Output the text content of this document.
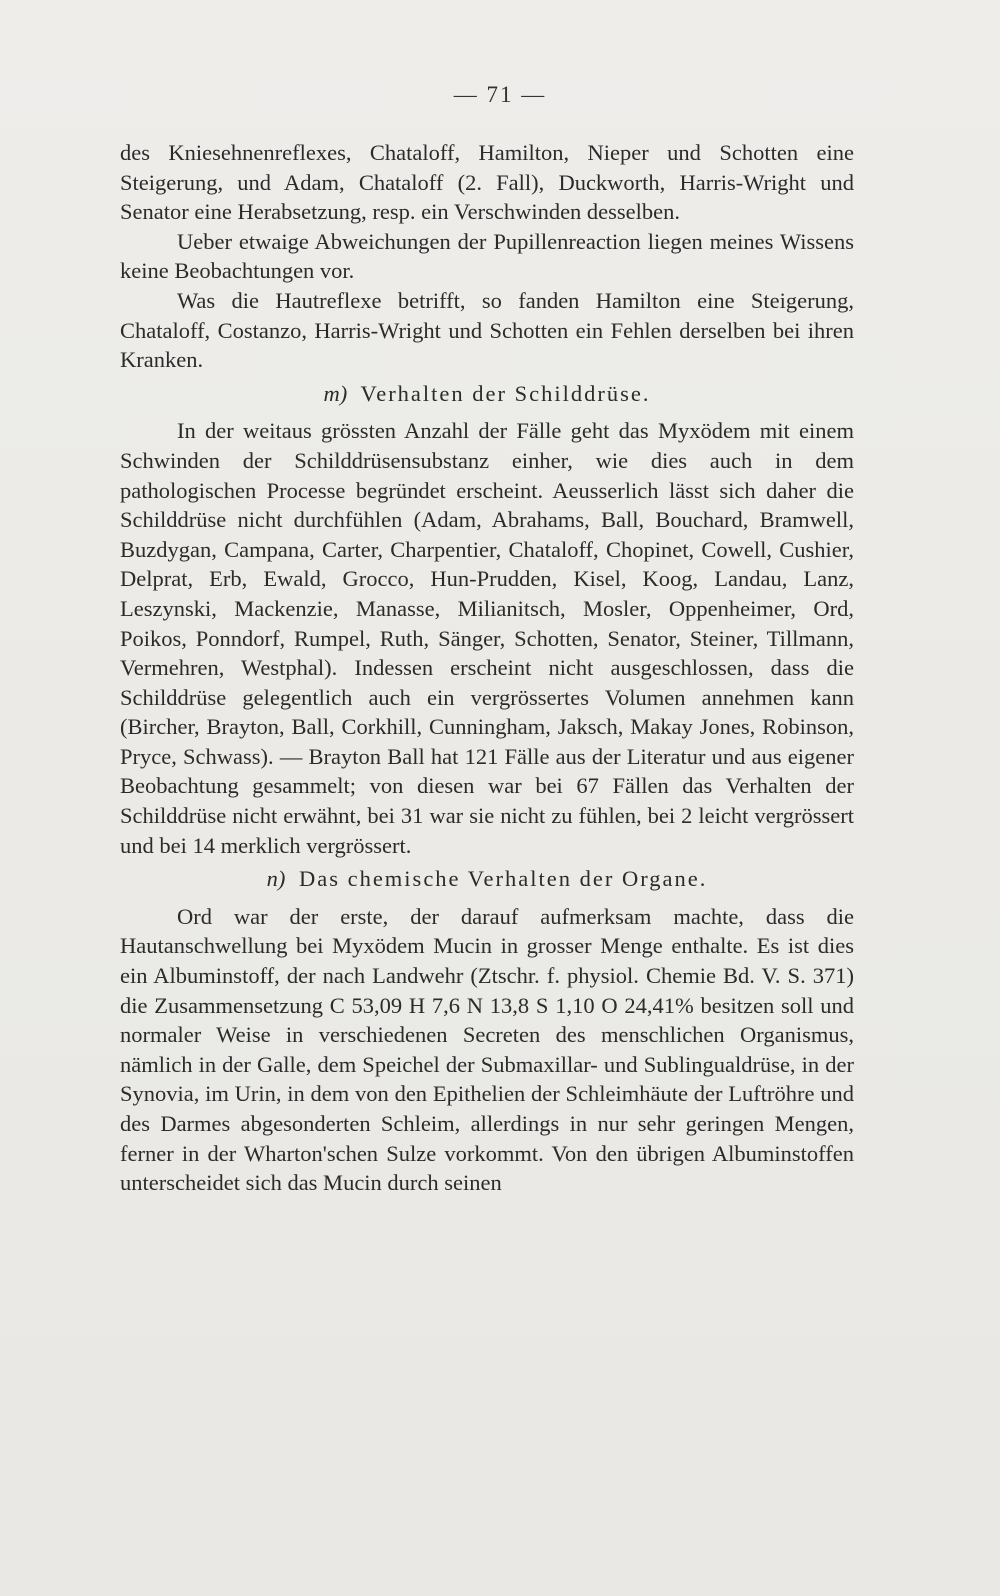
— 71 —

des Kniesehnenreflexes, Chataloff, Hamilton, Nieper und Schotten eine Steigerung, und Adam, Chataloff (2. Fall), Duckworth, Harris-Wright und Senator eine Herabsetzung, resp. ein Verschwinden desselben.

Ueber etwaige Abweichungen der Pupillenreaction liegen meines Wissens keine Beobachtungen vor.

Was die Hautreflexe betrifft, so fanden Hamilton eine Steigerung, Chataloff, Costanzo, Harris-Wright und Schotten ein Fehlen derselben bei ihren Kranken.

m) Verhalten der Schilddrüse.

In der weitaus grössten Anzahl der Fälle geht das Myxödem mit einem Schwinden der Schilddrüsensubstanz einher, wie dies auch in dem pathologischen Processe begründet erscheint. Aeusserlich lässt sich daher die Schilddrüse nicht durchfühlen (Adam, Abrahams, Ball, Bouchard, Bramwell, Buzdygan, Campana, Carter, Charpentier, Chataloff, Chopinet, Cowell, Cushier, Delprat, Erb, Ewald, Grocco, Hun-Prudden, Kisel, Koog, Landau, Lanz, Leszynski, Mackenzie, Manasse, Milianitsch, Mosler, Oppenheimer, Ord, Poikos, Ponndorf, Rumpel, Ruth, Sänger, Schotten, Senator, Steiner, Tillmann, Vermehren, Westphal). Indessen erscheint nicht ausgeschlossen, dass die Schilddrüse gelegentlich auch ein vergrössertes Volumen annehmen kann (Bircher, Brayton, Ball, Corkhill, Cunningham, Jaksch, Makay Jones, Robinson, Pryce, Schwass). — Brayton Ball hat 121 Fälle aus der Literatur und aus eigener Beobachtung gesammelt; von diesen war bei 67 Fällen das Verhalten der Schilddrüse nicht erwähnt, bei 31 war sie nicht zu fühlen, bei 2 leicht vergrössert und bei 14 merklich vergrössert.

n) Das chemische Verhalten der Organe.

Ord war der erste, der darauf aufmerksam machte, dass die Hautanschwellung bei Myxödem Mucin in grosser Menge enthalte. Es ist dies ein Albuminstoff, der nach Landwehr (Ztschr. f. physiol. Chemie Bd. V. S. 371) die Zusammensetzung C 53,09 H 7,6 N 13,8 S 1,10 O 24,41% besitzen soll und normaler Weise in verschiedenen Secreten des menschlichen Organismus, nämlich in der Galle, dem Speichel der Submaxillar- und Sublingualdrüse, in der Synovia, im Urin, in dem von den Epithelien der Schleimhäute der Luftröhre und des Darmes abgesonderten Schleim, allerdings in nur sehr geringen Mengen, ferner in der Wharton'schen Sulze vorkommt. Von den übrigen Albuminstoffen unterscheidet sich das Mucin durch seinen
